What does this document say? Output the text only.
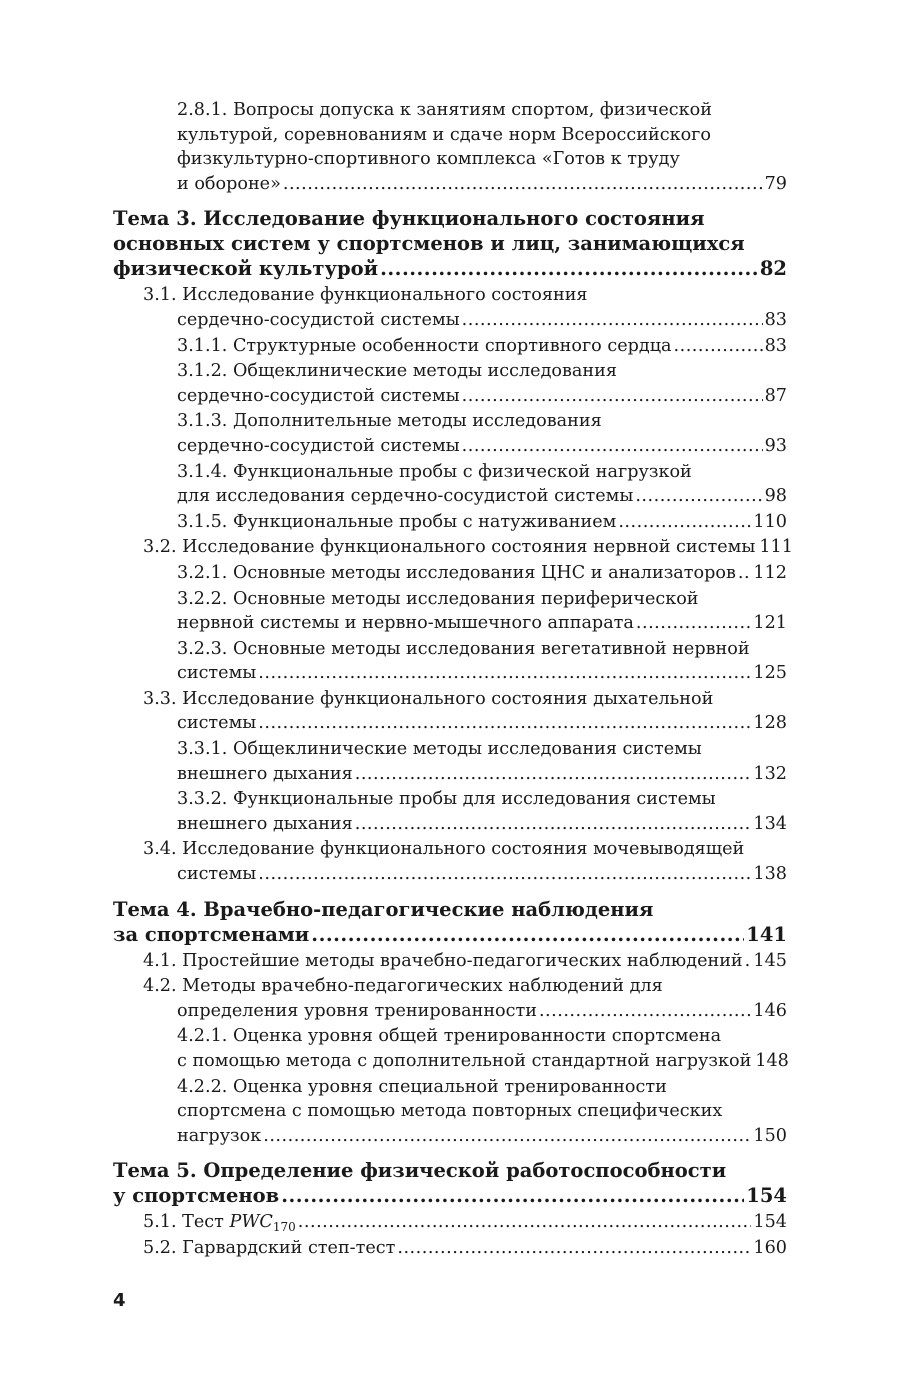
2.8.1. Вопросы допуска к занятиям спортом, физической
культурой, соревнованиям и сдаче норм Всероссийского
физкультурно-спортивного комплекса «Готов к труду
и обороне» .....	79
Тема 3. Исследование функционального состояния
основных систем у спортсменов и лиц, занимающихся
физической культурой .....	82
3.1. Исследование функционального состояния
сердечно-сосудистой системы .....	83
3.1.1. Структурные особенности спортивного сердца .....	83
3.1.2. Общеклинические методы исследования
сердечно-сосудистой системы .....	87
3.1.3. Дополнительные методы исследования
сердечно-сосудистой системы .....	93
3.1.4. Функциональные пробы с физической нагрузкой
для исследования сердечно-сосудистой системы .....	98
3.1.5. Функциональные пробы с натуживанием .....	110
3.2. Исследование функционального состояния нервной системы 111
3.2.1. Основные методы исследования ЦНС и анализаторов ..... 112
3.2.2. Основные методы исследования периферической
нервной системы и нервно-мышечного аппарата .....	121
3.2.3. Основные методы исследования вегетативной нервной
системы .....	125
3.3. Исследование функционального состояния дыхательной
системы .....	128
3.3.1. Общеклинические методы исследования системы
внешнего дыхания .....	132
3.3.2. Функциональные пробы для исследования системы
внешнего дыхания .....	134
3.4. Исследование функционального состояния мочевыводящей
системы .....	138
Тема 4. Врачебно-педагогические наблюдения
за спортсменами .....	141
4.1. Простейшие методы врачебно-педагогических наблюдений ..... 145
4.2. Методы врачебно-педагогических наблюдений для
определения уровня тренированности .....	146
4.2.1. Оценка уровня общей тренированности спортсмена
с помощью метода с дополнительной стандартной нагрузкой 148
4.2.2. Оценка уровня специальной тренированности
спортсмена с помощью метода повторных специфических
нагрузок .....	150
Тема 5. Определение физической работоспособности
у спортсменов .....	154
5.1. Тест $PWC_{170}$ .....	154
5.2. Гарвардский степ-тест .....	160
4
